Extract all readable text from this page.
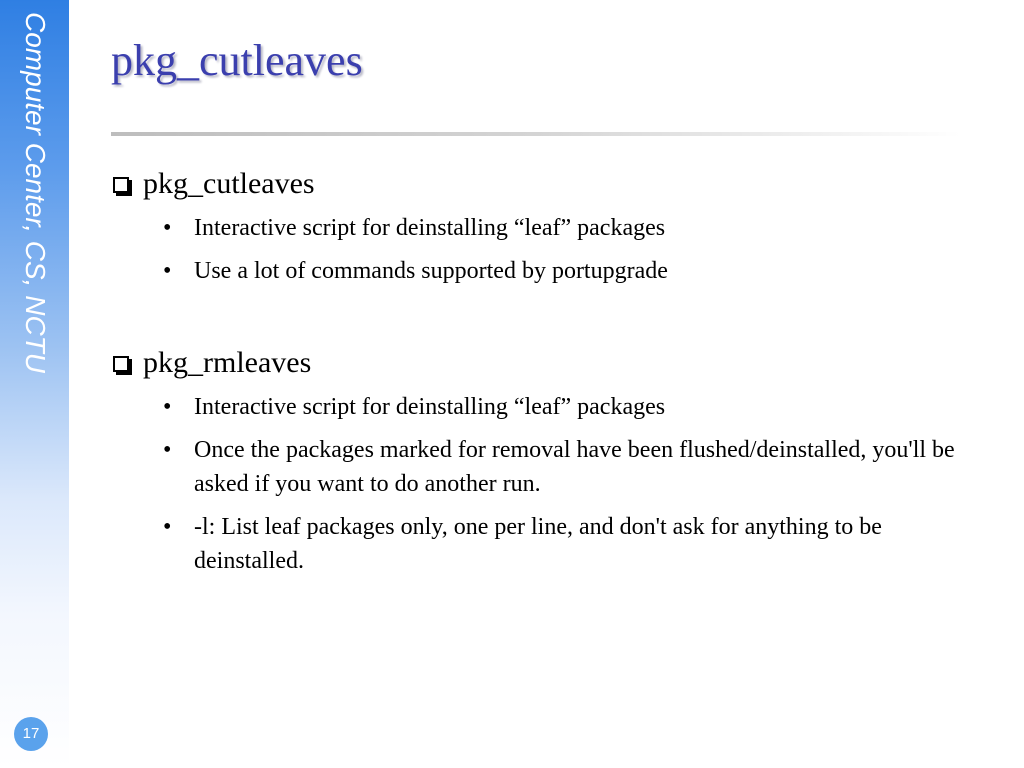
Computer Center, CS, NCTU
17
pkg_cutleaves
pkg_cutleaves
• Interactive script for deinstalling “leaf” packages
• Use a lot of commands supported by portupgrade
pkg_rmleaves
• Interactive script for deinstalling “leaf” packages
• Once the packages marked for removal have been flushed/deinstalled, you'll be asked if you want to do another run.
• -l: List leaf packages only, one per line, and don't ask for anything to be deinstalled.
